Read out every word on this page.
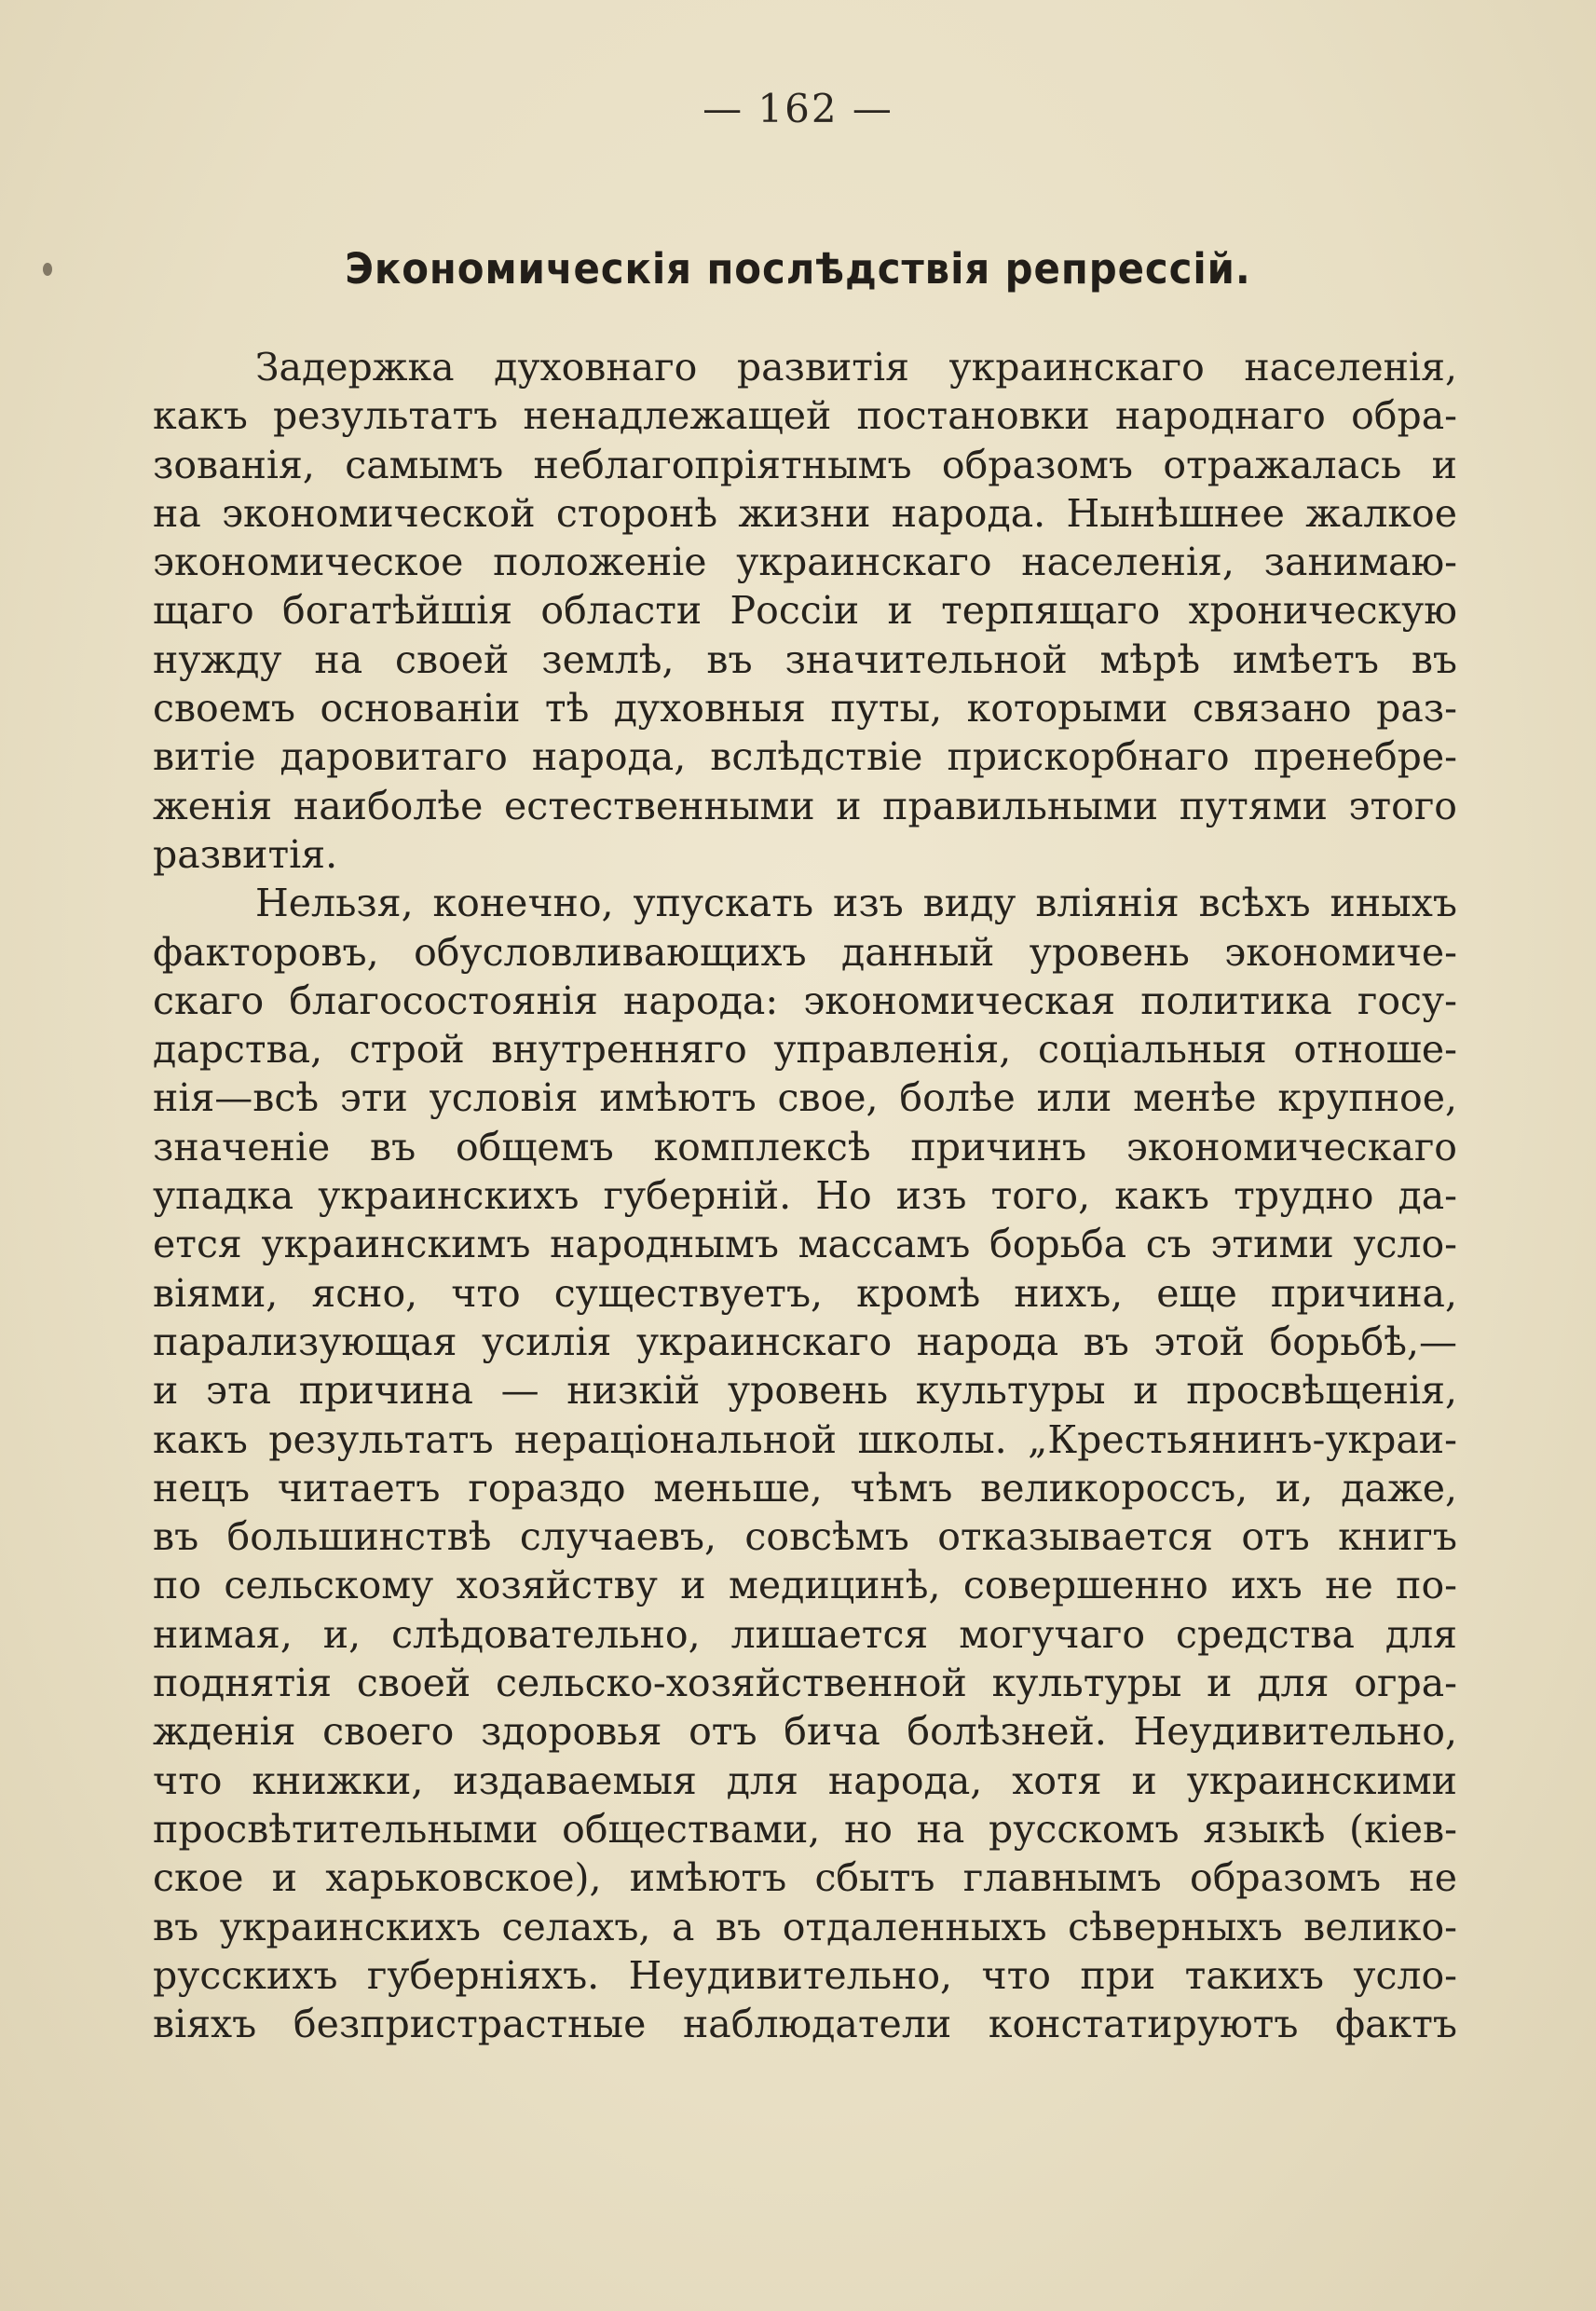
— 162 —
Экономическія послѣдствія репрессій.
Задержка духовнаго развитія украинскаго населенія,
какъ результатъ ненадлежащей постановки народнаго обра-
зованія, самымъ неблагопріятнымъ образомъ отражалась и
на экономической сторонѣ жизни народа. Нынѣшнее жалкое
экономическое положеніе украинскаго населенія, занимаю-
щаго богатѣйшія области Россіи и терпящаго хроническую
нужду на своей землѣ, въ значительной мѣрѣ имѣетъ въ
своемъ основаніи тѣ духовныя путы, которыми связано раз-
витіе даровитаго народа, вслѣдствіе прискорбнаго пренебре-
женія наиболѣе естественными и правильными путями этого
развитія.
Нельзя, конечно, упускать изъ виду вліянія всѣхъ иныхъ
факторовъ, обусловливающихъ данный уровень экономиче-
скаго благосостоянія народа: экономическая политика госу-
дарства, строй внутренняго управленія, соціальныя отноше-
нія—всѣ эти условія имѣютъ свое, болѣе или менѣе крупное,
значеніе въ общемъ комплексѣ причинъ экономическаго
упадка украинскихъ губерній. Но изъ того, какъ трудно да-
ется украинскимъ народнымъ массамъ борьба съ этими усло-
віями, ясно, что существуетъ, кромѣ нихъ, еще причина,
парализующая усилія украинскаго народа въ этой борьбѣ,—
и эта причина — низкій уровень культуры и просвѣщенія,
какъ результатъ нераціональной школы. „Крестьянинъ-украи-
нецъ читаетъ гораздо меньше, чѣмъ великороссъ, и, даже,
въ большинствѣ случаевъ, совсѣмъ отказывается отъ книгъ
по сельскому хозяйству и медицинѣ, совершенно ихъ не по-
нимая, и, слѣдовательно, лишается могучаго средства для
поднятія своей сельско-хозяйственной культуры и для огра-
жденія своего здоровья отъ бича болѣзней. Неудивительно,
что книжки, издаваемыя для народа, хотя и украинскими
просвѣтительными обществами, но на русскомъ языкѣ (кіев-
ское и харьковское), имѣютъ сбытъ главнымъ образомъ не
въ украинскихъ селахъ, а въ отдаленныхъ сѣверныхъ велико-
русскихъ губерніяхъ. Неудивительно, что при такихъ усло-
віяхъ безпристрастные наблюдатели констатируютъ фактъ
